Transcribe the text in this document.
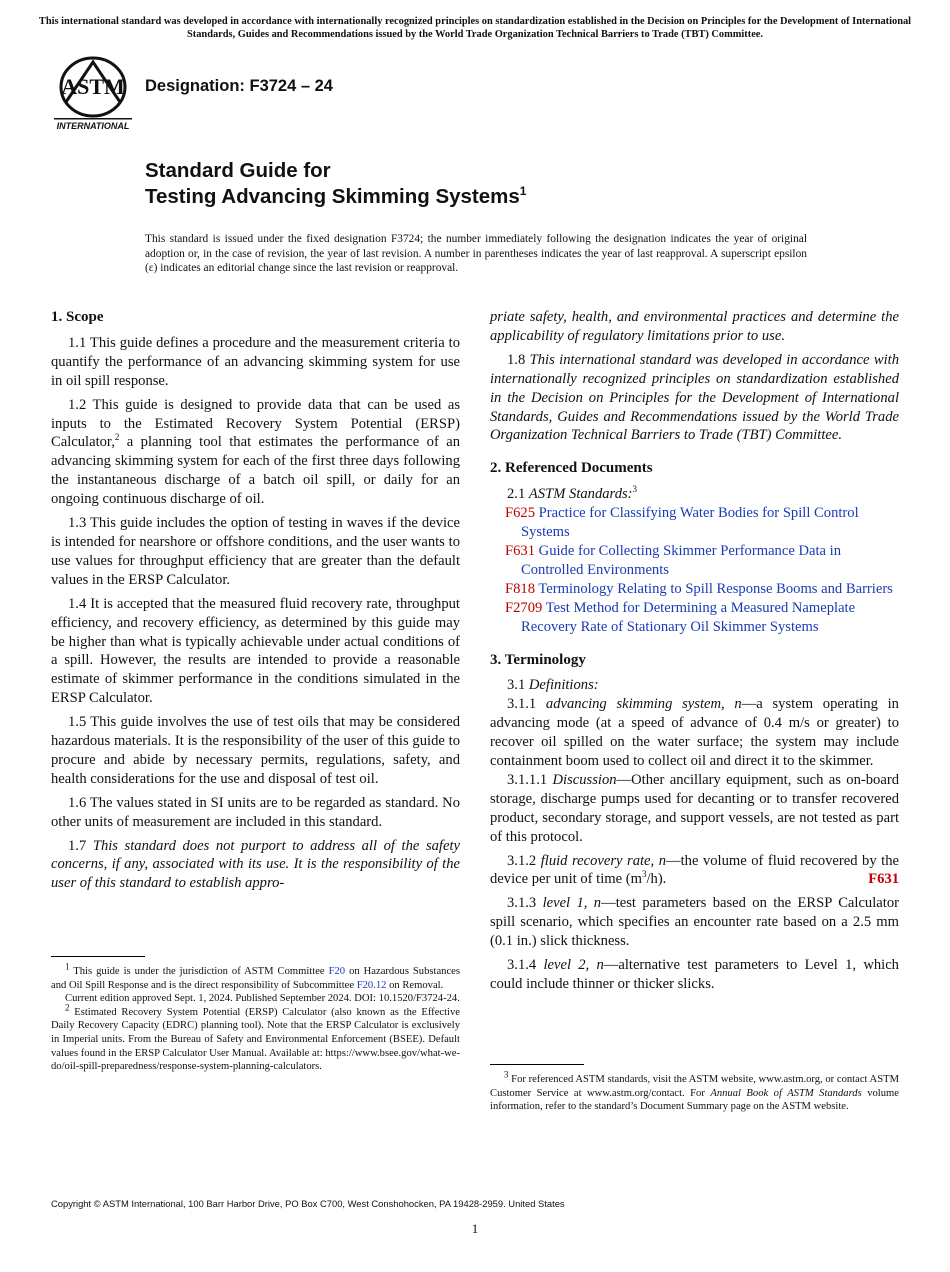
This international standard was developed in accordance with internationally recognized principles on standardization established in the Decision on Principles for the Development of International Standards, Guides and Recommendations issued by the World Trade Organization Technical Barriers to Trade (TBT) Committee.
ASTM
INTERNATIONAL
Designation: F3724 – 24
Standard Guide for
Testing Advancing Skimming Systems$^1$
This standard is issued under the fixed designation F3724; the number immediately following the designation indicates the year of original adoption or, in the case of revision, the year of last revision. A number in parentheses indicates the year of last reapproval. A superscript epsilon (ε) indicates an editorial change since the last revision or reapproval.
1. Scope

1.1 This guide defines a procedure and the measurement criteria to quantify the performance of an advancing skimming system for use in oil spill response.

1.2 This guide is designed to provide data that can be used as inputs to the Estimated Recovery System Potential (ERSP) Calculator,$^2$ a planning tool that estimates the performance of an advancing skimming system for each of the first three days following the instantaneous discharge of a batch oil spill, or daily for an ongoing continuous discharge of oil.

1.3 This guide includes the option of testing in waves if the device is intended for nearshore or offshore conditions, and the user wants to use values for throughput efficiency that are greater than the default values in the ERSP Calculator.

1.4 It is accepted that the measured fluid recovery rate, throughput efficiency, and recovery efficiency, as determined by this guide may be higher than what is typically achievable under actual conditions of a spill. However, the results are intended to provide a reasonable estimate of skimmer performance in the conditions simulated in the ERSP Calculator.

1.5 This guide involves the use of test oils that may be considered hazardous materials. It is the responsibility of the user of this guide to procure and abide by necessary permits, regulations, safety, and health considerations for the use and disposal of test oil.

1.6 The values stated in SI units are to be regarded as standard. No other units of measurement are included in this standard.

1.7 This standard does not purport to address all of the safety concerns, if any, associated with its use. It is the responsibility of the user of this standard to establish appro-

$^1$ This guide is under the jurisdiction of ASTM Committee F20 on Hazardous Substances and Oil Spill Response and is the direct responsibility of Subcommittee F20.12 on Removal.

Current edition approved Sept. 1, 2024. Published September 2024. DOI: 10.1520/F3724-24.

$^2$ Estimated Recovery System Potential (ERSP) Calculator (also known as the Effective Daily Recovery Capacity (EDRC) planning tool). Note that the ERSP Calculator is exclusively in Imperial units. From the Bureau of Safety and Environmental Enforcement (BSEE). Default values found in the ERSP Calculator User Manual. Available at: https://www.bsee.gov/what-we-do/oil-spill-preparedness/response-system-planning-calculators.

priate safety, health, and environmental practices and determine the applicability of regulatory limitations prior to use.

1.8 This international standard was developed in accordance with internationally recognized principles on standardization established in the Decision on Principles for the Development of International Standards, Guides and Recommendations issued by the World Trade Organization Technical Barriers to Trade (TBT) Committee.

2. Referenced Documents

2.1 ASTM Standards:$^3$

F625 Practice for Classifying Water Bodies for Spill Control Systems
F631 Guide for Collecting Skimmer Performance Data in Controlled Environments
F818 Terminology Relating to Spill Response Booms and Barriers
F2709 Test Method for Determining a Measured Nameplate Recovery Rate of Stationary Oil Skimmer Systems
3. Terminology

3.1 Definitions:

3.1.1 advancing skimming system, n—a system operating in advancing mode (at a speed of advance of 0.4 m/s or greater) to recover oil spilled on the water surface; the system may include containment boom used to collect oil and direct it to the skimmer.

3.1.1.1 Discussion—Other ancillary equipment, such as on-board storage, discharge pumps used for decanting or to transfer recovered product, secondary storage, and support vessels, are not tested as part of this protocol.

3.1.2 fluid recovery rate, n—the volume of fluid recovered by the device per unit of time $(m^3/h)$.	F631

3.1.3 level 1, n—test parameters based on the ERSP Calculator spill scenario, which specifies an encounter rate based on a 2.5 mm (0.1 in.) slick thickness.

3.1.4 level 2, n—alternative test parameters to Level 1, which could include thinner or thicker slicks.

$^3$ For referenced ASTM standards, visit the ASTM website, www.astm.org, or contact ASTM Customer Service at www.astm.org/contact. For Annual Book of ASTM Standards volume information, refer to the standard’s Document Summary page on the ASTM website.

Copyright © ASTM International, 100 Barr Harbor Drive, PO Box C700, West Conshohocken, PA 19428-2959. United States
1
